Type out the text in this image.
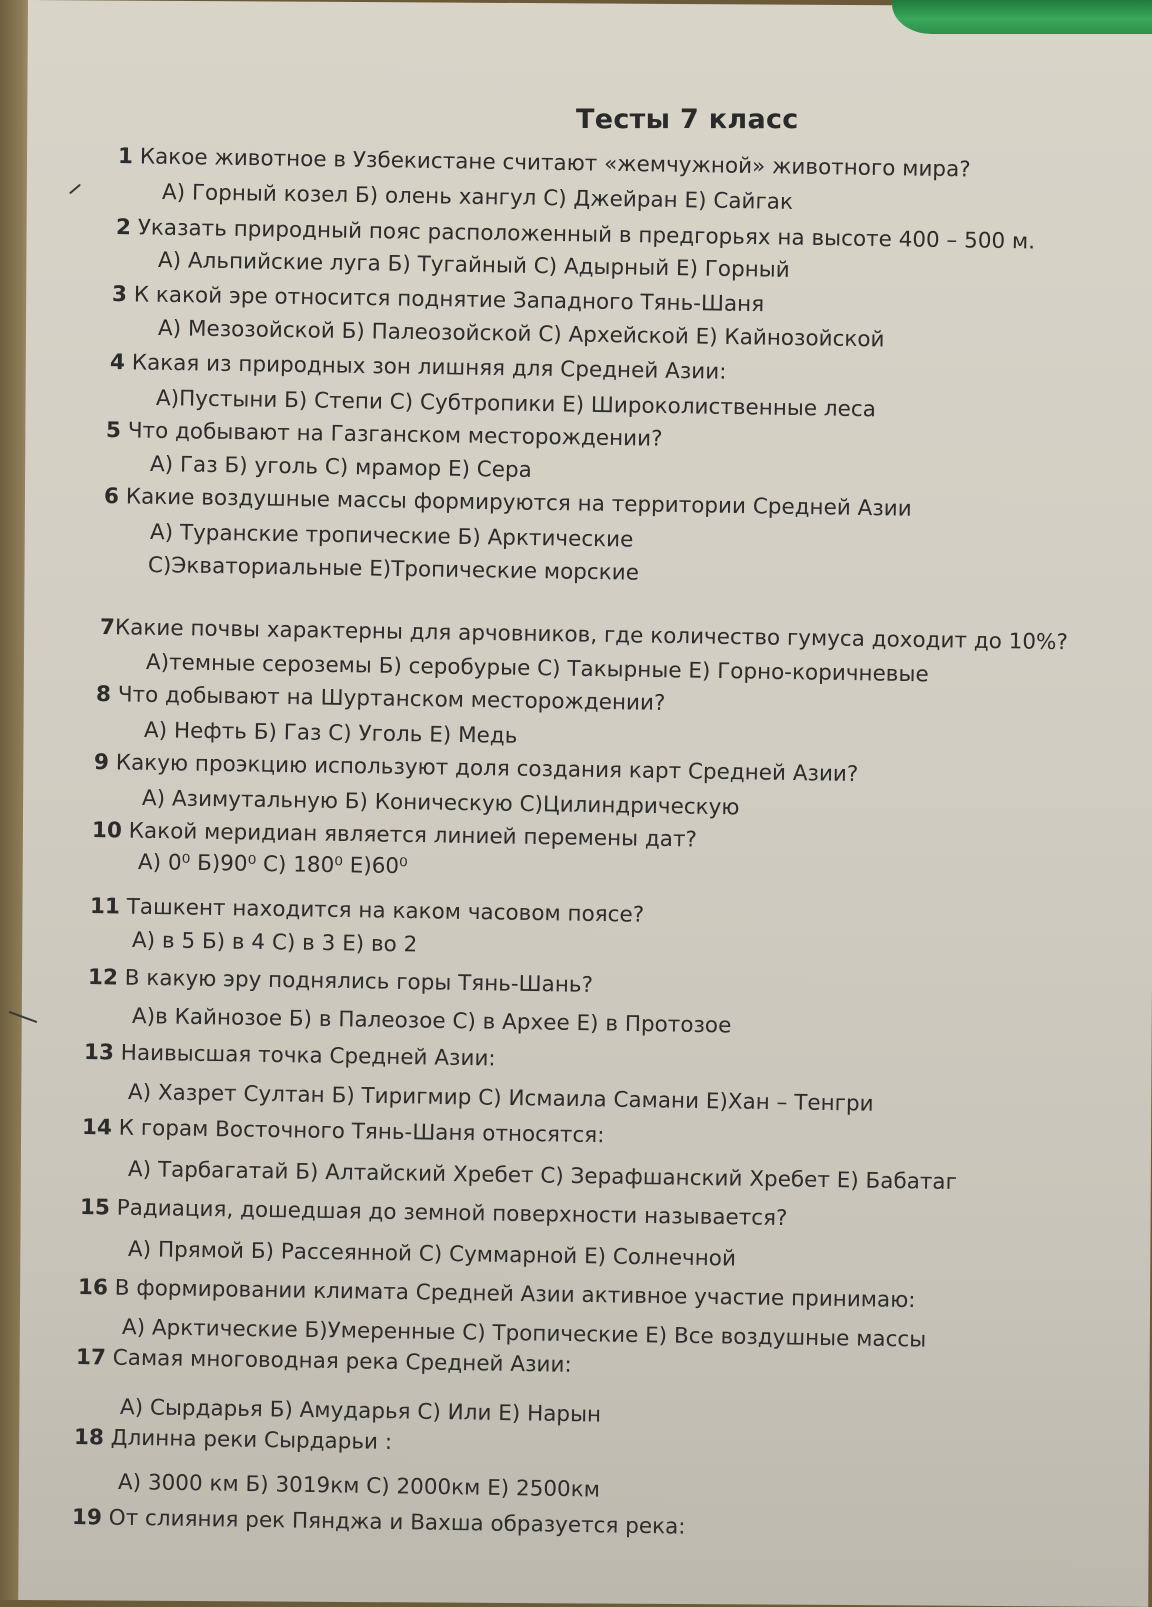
Тесты 7 класс
1 Какое животное в Узбекистане считают «жемчужной» животного мира?
А) Горный козел Б) олень хангул С) Джейран Е) Сайгак
2 Указать природный пояс расположенный в предгорьях на высоте 400 – 500 м.
А) Альпийские луга Б) Тугайный С) Адырный Е) Горный
3 К какой эре относится поднятие Западного Тянь-Шаня
А) Мезозойской Б) Палеозойской С) Архейской Е) Кайнозойской
4 Какая из природных зон лишняя для Средней Азии:
А)Пустыни Б) Степи С) Субтропики Е) Широколиственные леса
5 Что добывают на Газганском месторождении?
А) Газ Б) уголь С) мрамор Е) Сера
6 Какие воздушные массы формируются на территории Средней Азии
А) Туранские тропические Б) Арктические
С)Экваториальные Е)Тропические морские
7Какие почвы характерны для арчовников, где количество гумуса доходит до 10%?
А)темные сероземы Б) серобурые С) Такырные Е) Горно-коричневые
8 Что добывают на Шуртанском месторождении?
А) Нефть Б) Газ С) Уголь Е) Медь
9 Какую проэкцию используют доля создания карт Средней Азии?
А) Азимутальную Б) Коническую С)Цилиндрическую
10 Какой меридиан является линией перемены дат?
А) 0⁰ Б)90⁰ С) 180⁰ Е)60⁰
11 Ташкент находится на каком часовом поясе?
А) в 5 Б) в 4 С) в 3 Е) во 2
12 В какую эру поднялись горы Тянь-Шань?
А)в Кайнозое Б) в Палеозое С) в Архее Е) в Протозое
13 Наивысшая точка Средней Азии:
А) Хазрет Султан Б) Тиригмир С) Исмаила Самани Е)Хан – Тенгри
14 К горам Восточного Тянь-Шаня относятся:
А) Тарбагатай Б) Алтайский Хребет С) Зерафшанский Хребет Е) Бабатаг
15 Радиация, дошедшая до земной поверхности называется?
А) Прямой Б) Рассеянной С) Суммарной Е) Солнечной
16 В формировании климата Средней Азии активное участие принимаю:
А) Арктические Б)Умеренные С) Тропические Е) Все воздушные массы
17 Самая многоводная река Средней Азии:
А) Сырдарья Б) Амударья С) Или Е) Нарын
18 Длинна реки Сырдарьи :
А) 3000 км Б) 3019км С) 2000км Е) 2500км
19 От слияния рек Пянджа и Вахша образуется река:
